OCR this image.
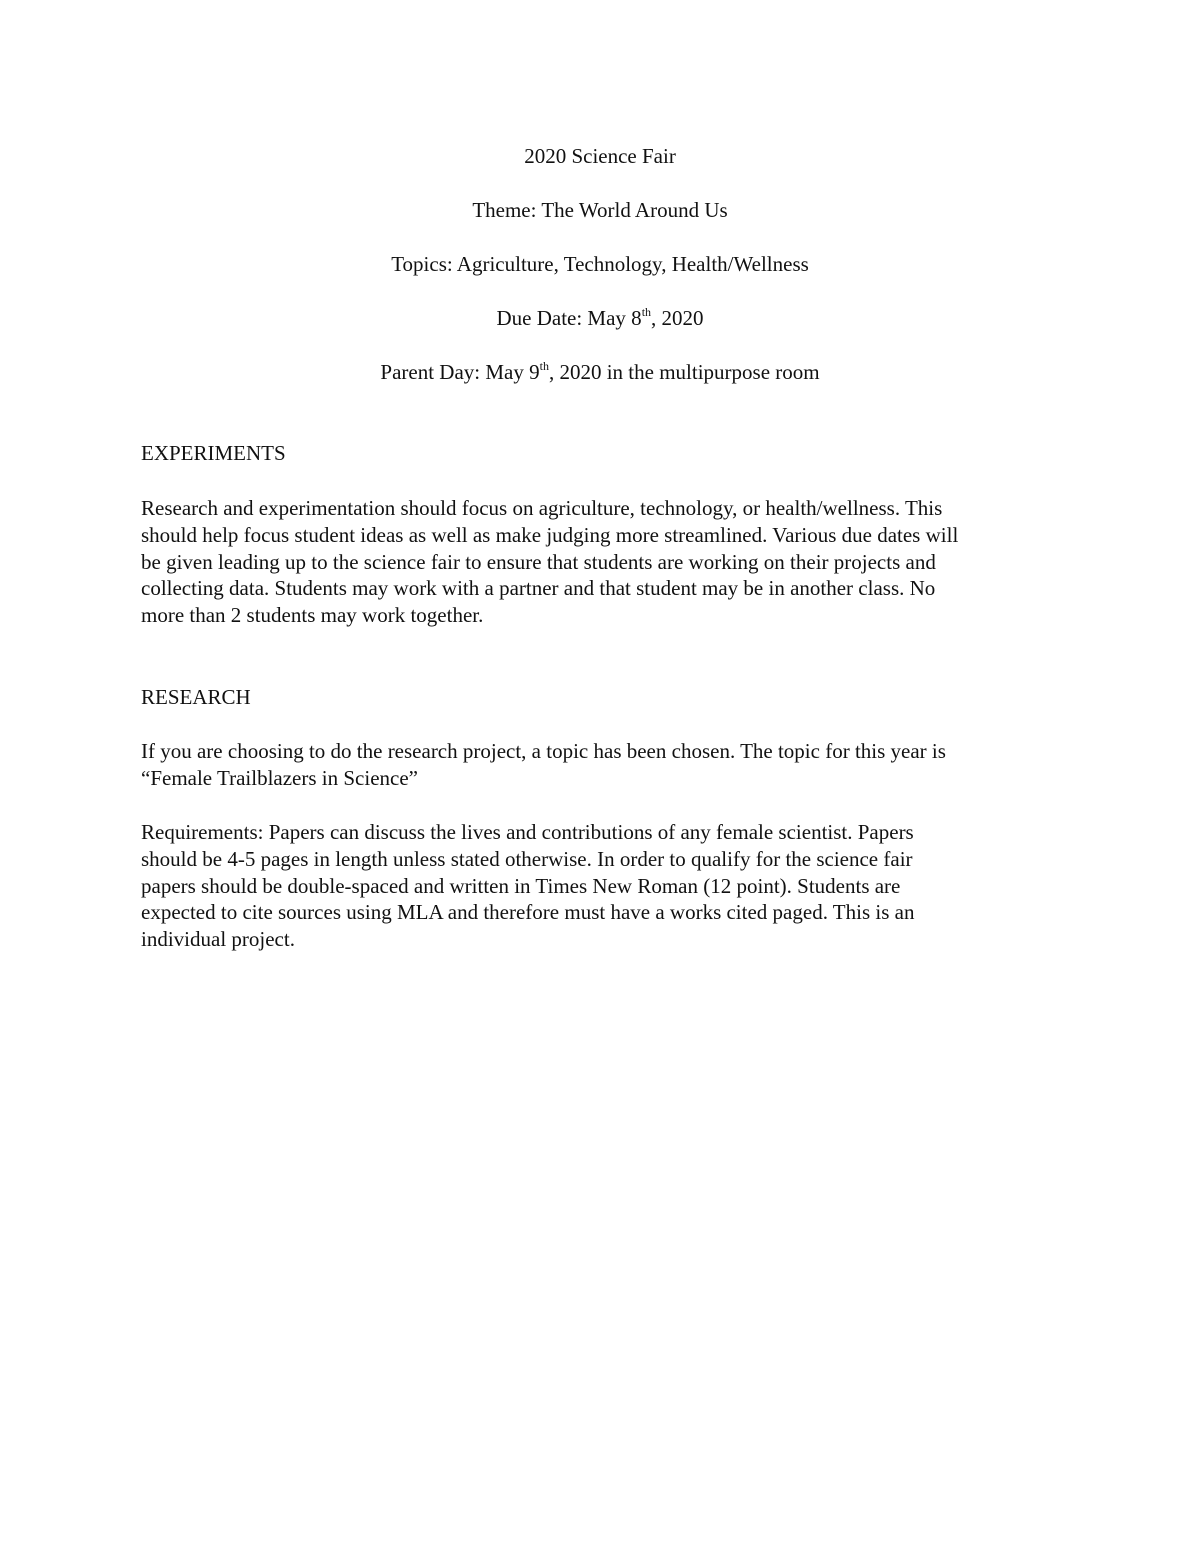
2020 Science Fair
Theme: The World Around Us
Topics: Agriculture, Technology, Health/Wellness
Due Date: May 8th, 2020
Parent Day: May 9th, 2020 in the multipurpose room
EXPERIMENTS
Research and experimentation should focus on agriculture, technology, or health/wellness. This
should help focus student ideas as well as make judging more streamlined. Various due dates will
be given leading up to the science fair to ensure that students are working on their projects and
collecting data. Students may work with a partner and that student may be in another class. No
more than 2 students may work together.
RESEARCH
If you are choosing to do the research project, a topic has been chosen. The topic for this year is
“Female Trailblazers in Science”
Requirements: Papers can discuss the lives and contributions of any female scientist. Papers
should be 4-5 pages in length unless stated otherwise. In order to qualify for the science fair
papers should be double-spaced and written in Times New Roman (12 point). Students are
expected to cite sources using MLA and therefore must have a works cited paged. This is an
individual project.
